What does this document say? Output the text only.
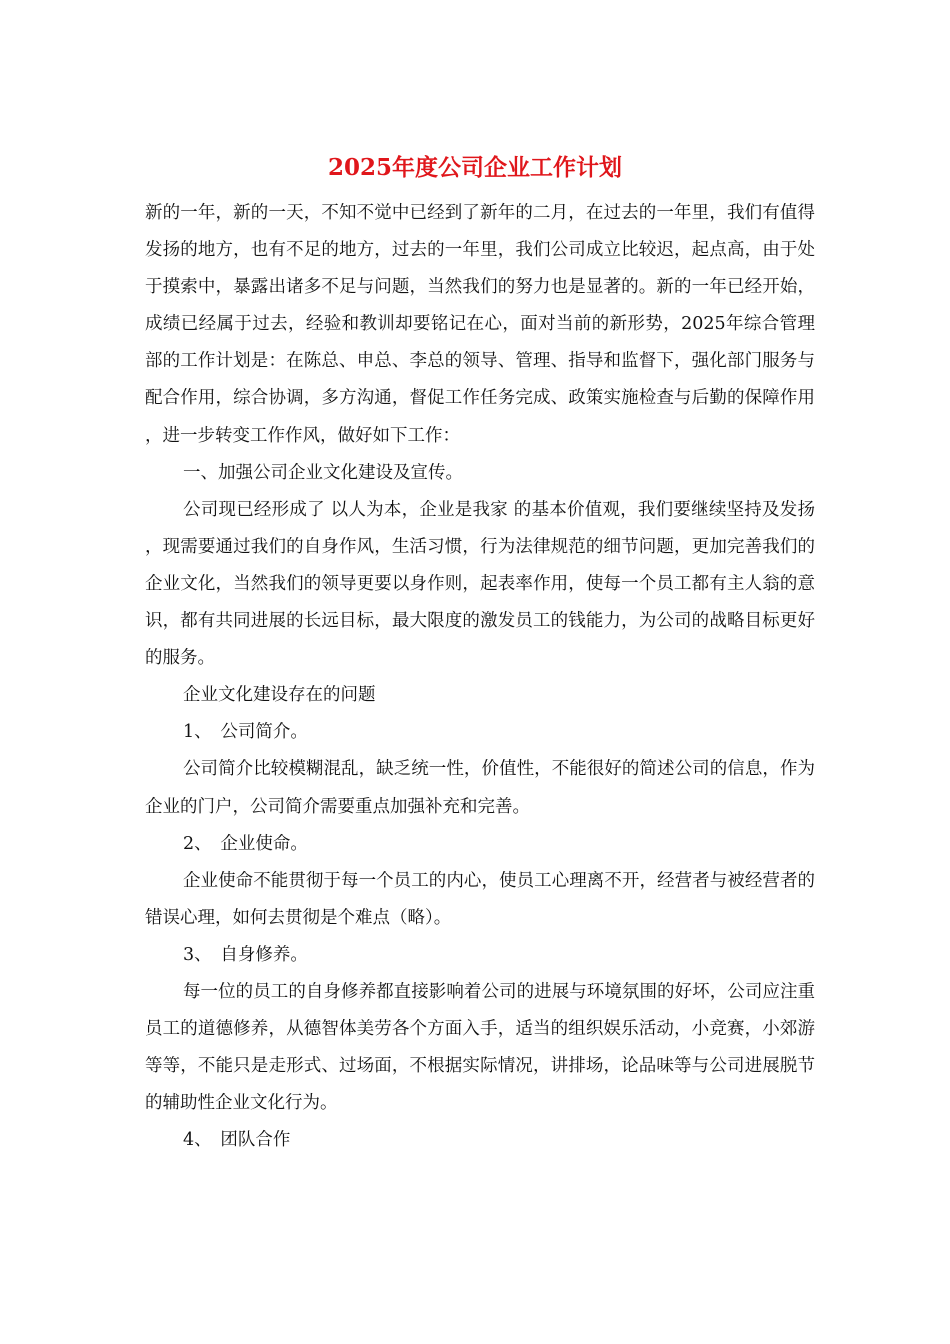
2025年度公司企业工作计划

新的一年，新的一天，不知不觉中已经到了新年的二月，在过去的一年里，我们有值得发扬的地方，也有不足的地方，过去的一年里，我们公司成立比较迟，起点高，由于处于摸索中，暴露出诸多不足与问题，当然我们的努力也是显著的。新的一年已经开始，成绩已经属于过去，经验和教训却要铭记在心，面对当前的新形势，2025年综合管理部的工作计划是：在陈总、申总、李总的领导、管理、指导和监督下，强化部门服务与配合作用，综合协调，多方沟通，督促工作任务完成、政策实施检查与后勤的保障作用，进一步转变工作作风，做好如下工作：

一、加强公司企业文化建设及宣传。

公司现已经形成了 以人为本，企业是我家 的基本价值观，我们要继续坚持及发扬，现需要通过我们的自身作风，生活习惯，行为法律规范的细节问题，更加完善我们的企业文化，当然我们的领导更要以身作则，起表率作用，使每一个员工都有主人翁的意识，都有共同进展的长远目标，最大限度的激发员工的钱能力，为公司的战略目标更好的服务。

企业文化建设存在的问题

1、　公司简介。

公司简介比较模糊混乱，缺乏统一性，价值性，不能很好的简述公司的信息，作为企业的门户，公司简介需要重点加强补充和完善。

2、　企业使命。

企业使命不能贯彻于每一个员工的内心，使员工心理离不开，经营者与被经营者的错误心理，如何去贯彻是个难点（略）。

3、　自身修养。

每一位的员工的自身修养都直接影响着公司的进展与环境氛围的好坏，公司应注重员工的道德修养，从德智体美劳各个方面入手，适当的组织娱乐活动，小竞赛，小郊游等等，不能只是走形式、过场面，不根据实际情况，讲排场，论品味等与公司进展脱节的辅助性企业文化行为。

4、　团队合作
